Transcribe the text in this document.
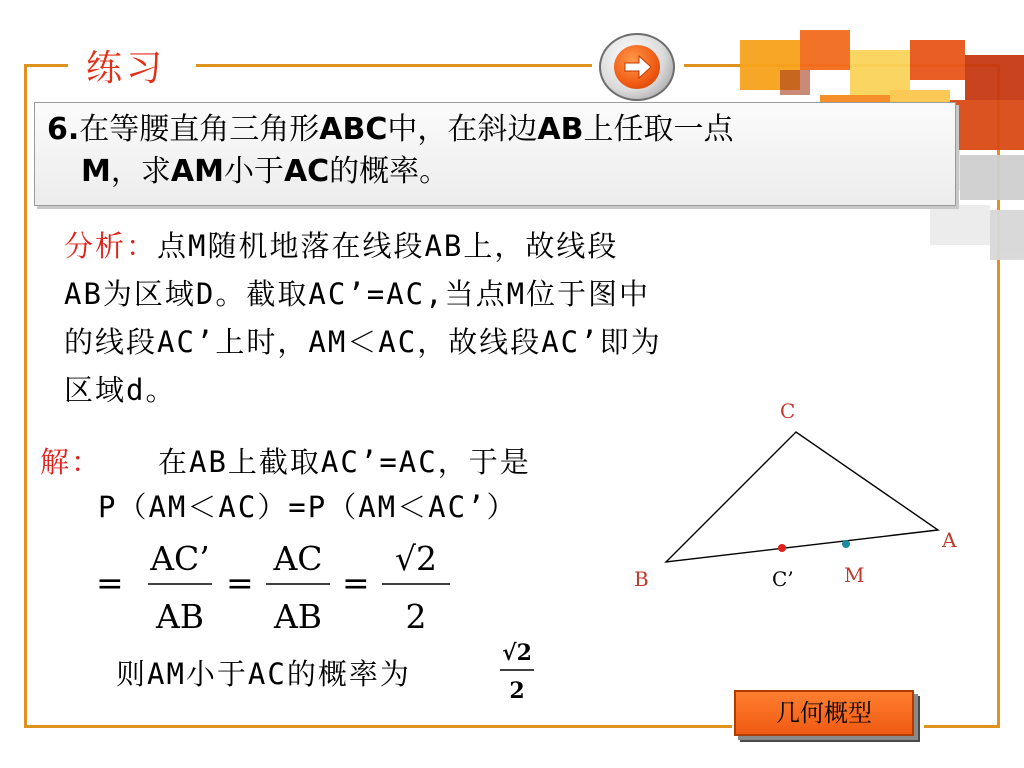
练习
6.在等腰直角三角形ABC中，在斜边AB上任取一点
M，求AM小于AC的概率。
分析：点M随机地落在线段AB上，故线段
AB为区域D。截取AC’=AC,当点M位于图中
的线段AC’上时，AM＜AC，故线段AC’即为
区域d。
解： 在AB上截取AC’=AC，于是
P（AM＜AC）=P（AM＜AC’）
=
AC’
AB
=
AC
AB
=
√2
2
则AM小于AC的概率为
√2
2
C
A
B	C’	M
几何概型
